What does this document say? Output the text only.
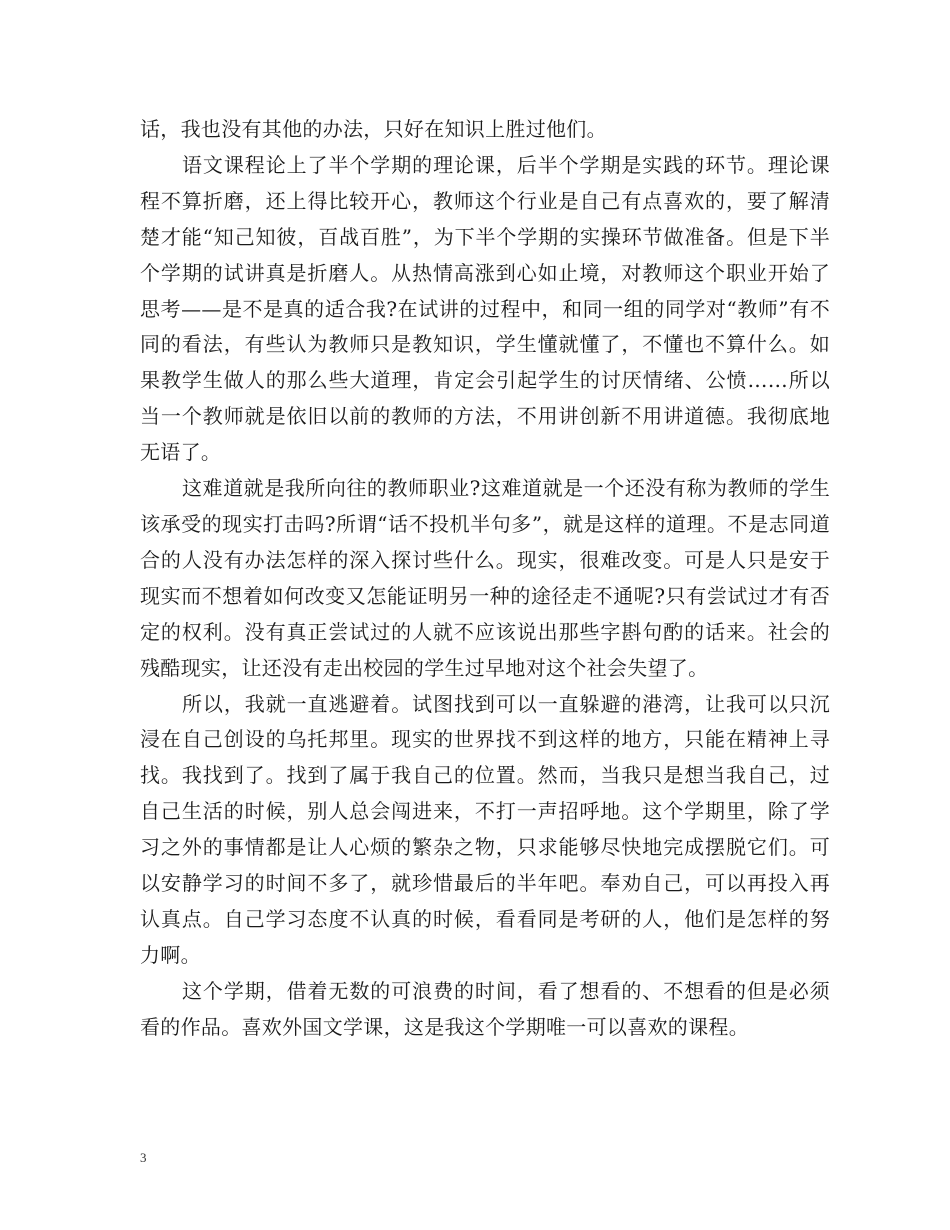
话，我也没有其他的办法，只好在知识上胜过他们。

语文课程论上了半个学期的理论课，后半个学期是实践的环节。理论课程不算折磨，还上得比较开心，教师这个行业是自己有点喜欢的，要了解清楚才能“知己知彼，百战百胜”，为下半个学期的实操环节做准备。但是下半个学期的试讲真是折磨人。从热情高涨到心如止境，对教师这个职业开始了思考——是不是真的适合我?在试讲的过程中，和同一组的同学对“教师”有不同的看法，有些认为教师只是教知识，学生懂就懂了，不懂也不算什么。如果教学生做人的那么些大道理，肯定会引起学生的讨厌情绪、公愤……所以当一个教师就是依旧以前的教师的方法，不用讲创新不用讲道德。我彻底地无语了。

这难道就是我所向往的教师职业?这难道就是一个还没有称为教师的学生该承受的现实打击吗?所谓“话不投机半句多”，就是这样的道理。不是志同道合的人没有办法怎样的深入探讨些什么。现实，很难改变。可是人只是安于现实而不想着如何改变又怎能证明另一种的途径走不通呢?只有尝试过才有否定的权利。没有真正尝试过的人就不应该说出那些字斟句酌的话来。社会的残酷现实，让还没有走出校园的学生过早地对这个社会失望了。

所以，我就一直逃避着。试图找到可以一直躲避的港湾，让我可以只沉浸在自己创设的乌托邦里。现实的世界找不到这样的地方，只能在精神上寻找。我找到了。找到了属于我自己的位置。然而，当我只是想当我自己，过自己生活的时候，别人总会闯进来，不打一声招呼地。这个学期里，除了学习之外的事情都是让人心烦的繁杂之物，只求能够尽快地完成摆脱它们。可以安静学习的时间不多了，就珍惜最后的半年吧。奉劝自己，可以再投入再认真点。自己学习态度不认真的时候，看看同是考研的人，他们是怎样的努力啊。

这个学期，借着无数的可浪费的时间，看了想看的、不想看的但是必须看的作品。喜欢外国文学课，这是我这个学期唯一可以喜欢的课程。

3
